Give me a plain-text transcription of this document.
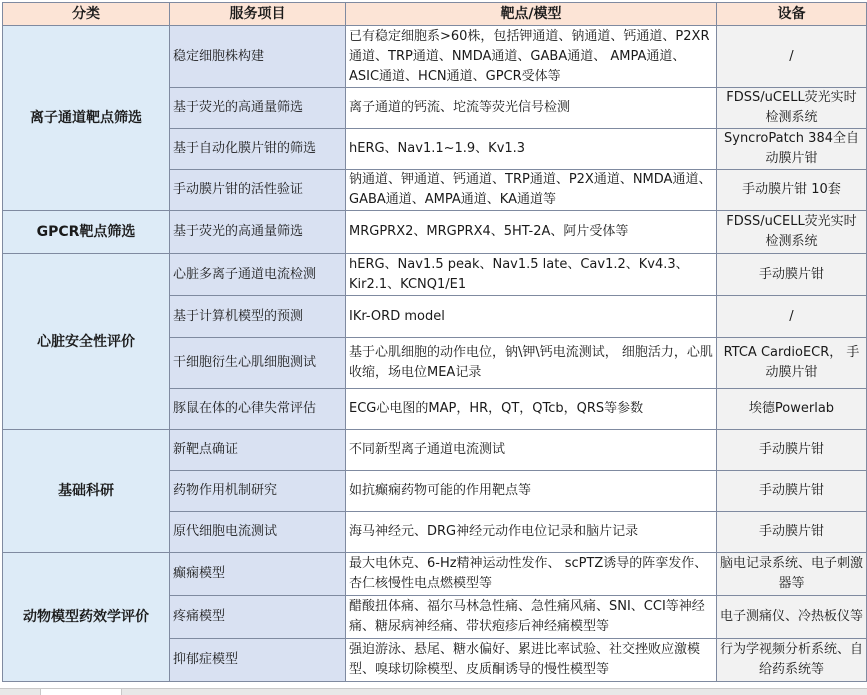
分类	服务项目	靶点/模型	设备
离子通道靶点筛选	稳定细胞株构建	已有稳定细胞系>60株，包括钾通道、钠通道、钙通道、P2XR通道、TRP通道、NMDA通道、GABA通道、 AMPA通道、ASIC通道、HCN通道、GPCR受体等	/
	基于荧光的高通量筛选	离子通道的钙流、坨流等荧光信号检测	FDSS/uCELL荧光实时检测系统
	基于自动化膜片钳的筛选	hERG、Nav1.1~1.9、Kv1.3	SyncroPatch 384全自动膜片钳
	手动膜片钳的活性验证	钠通道、钾通道、钙通道、TRP通道、P2X通道、NMDA通道、GABA通道、AMPA通道、KA通道等	手动膜片钳 10套
GPCR靶点筛选	基于荧光的高通量筛选	MRGPRX2、MRGPRX4、5HT-2A、阿片受体等	FDSS/uCELL荧光实时检测系统
心脏安全性评价	心脏多离子通道电流检测	hERG、Nav1.5 peak、Nav1.5 late、Cav1.2、Kv4.3、Kir2.1、KCNQ1/E1	手动膜片钳
	基于计算机模型的预测	IKr-ORD model	/
	干细胞衍生心肌细胞测试	基于心肌细胞的动作电位，钠\钾\钙电流测试， 细胞活力，心肌收缩，场电位MEA记录	RTCA CardioECR， 手动膜片钳
	豚鼠在体的心律失常评估	ECG心电图的MAP，HR，QT，QTcb，QRS等参数	埃德Powerlab
基础科研	新靶点确证	不同新型离子通道电流测试	手动膜片钳
	药物作用机制研究	如抗癫痫药物可能的作用靶点等	手动膜片钳
	原代细胞电流测试	海马神经元、DRG神经元动作电位记录和脑片记录	手动膜片钳
动物模型药效学评价	癫痫模型	最大电休克、6-Hz精神运动性发作、 scPTZ诱导的阵挛发作、杏仁核慢性电点燃模型等	脑电记录系统、电子刺激器等
	疼痛模型	醋酸扭体痛、福尔马林急性痛、急性痛风痛、SNI、CCI等神经痛、糖尿病神经痛、带状疱疹后神经痛模型等	电子测痛仪、冷热板仪等
	抑郁症模型	强迫游泳、悬尾、糖水偏好、累进比率试验、社交挫败应激模型、嗅球切除模型、皮质酮诱导的慢性模型等	行为学视频分析系统、自给药系统等
